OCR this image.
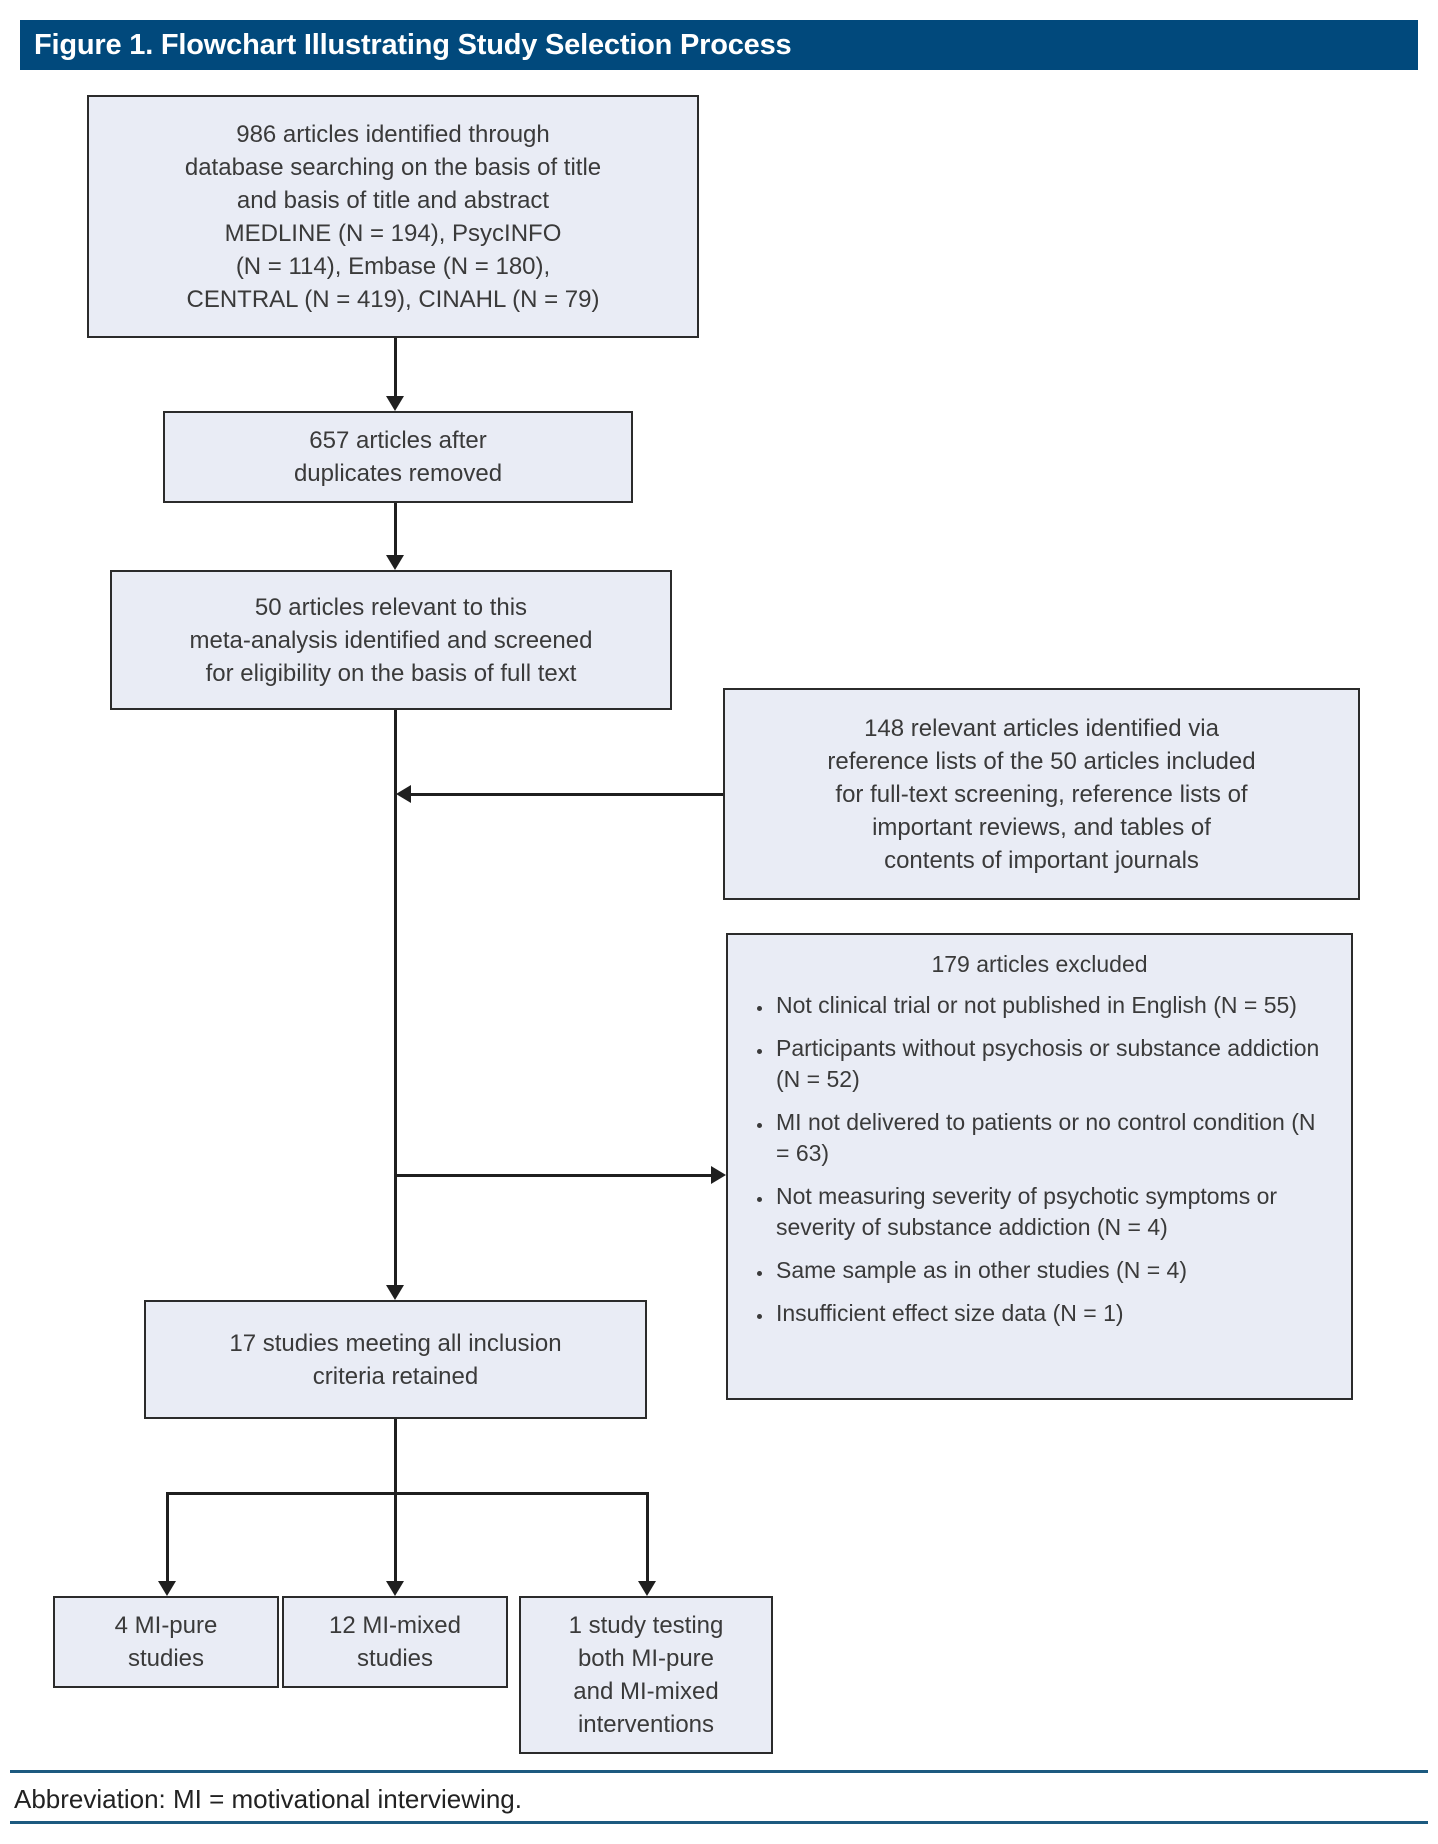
Figure 1. Flowchart Illustrating Study Selection Process
986 articles identified through
database searching on the basis of title
and basis of title and abstract
MEDLINE (N = 194), PsycINFO
(N = 114), Embase (N = 180),
CENTRAL (N = 419), CINAHL (N = 79)
657 articles after
duplicates removed
50 articles relevant to this
meta-analysis identified and screened
for eligibility on the basis of full text
148 relevant articles identified via
reference lists of the 50 articles included
for full-text screening, reference lists of
important reviews, and tables of
contents of important journals
179 articles excluded
• Not clinical trial or not published in English (N = 55)
• Participants without psychosis or substance addiction (N = 52)
• MI not delivered to patients or no control condition (N = 63)
• Not measuring severity of psychotic symptoms or severity of substance addiction (N = 4)
• Same sample as in other studies (N = 4)
• Insufficient effect size data (N = 1)
17 studies meeting all inclusion
criteria retained
4 MI-pure
studies
12 MI-mixed
studies
1 study testing
both MI-pure
and MI-mixed
interventions
Abbreviation: MI = motivational interviewing.
